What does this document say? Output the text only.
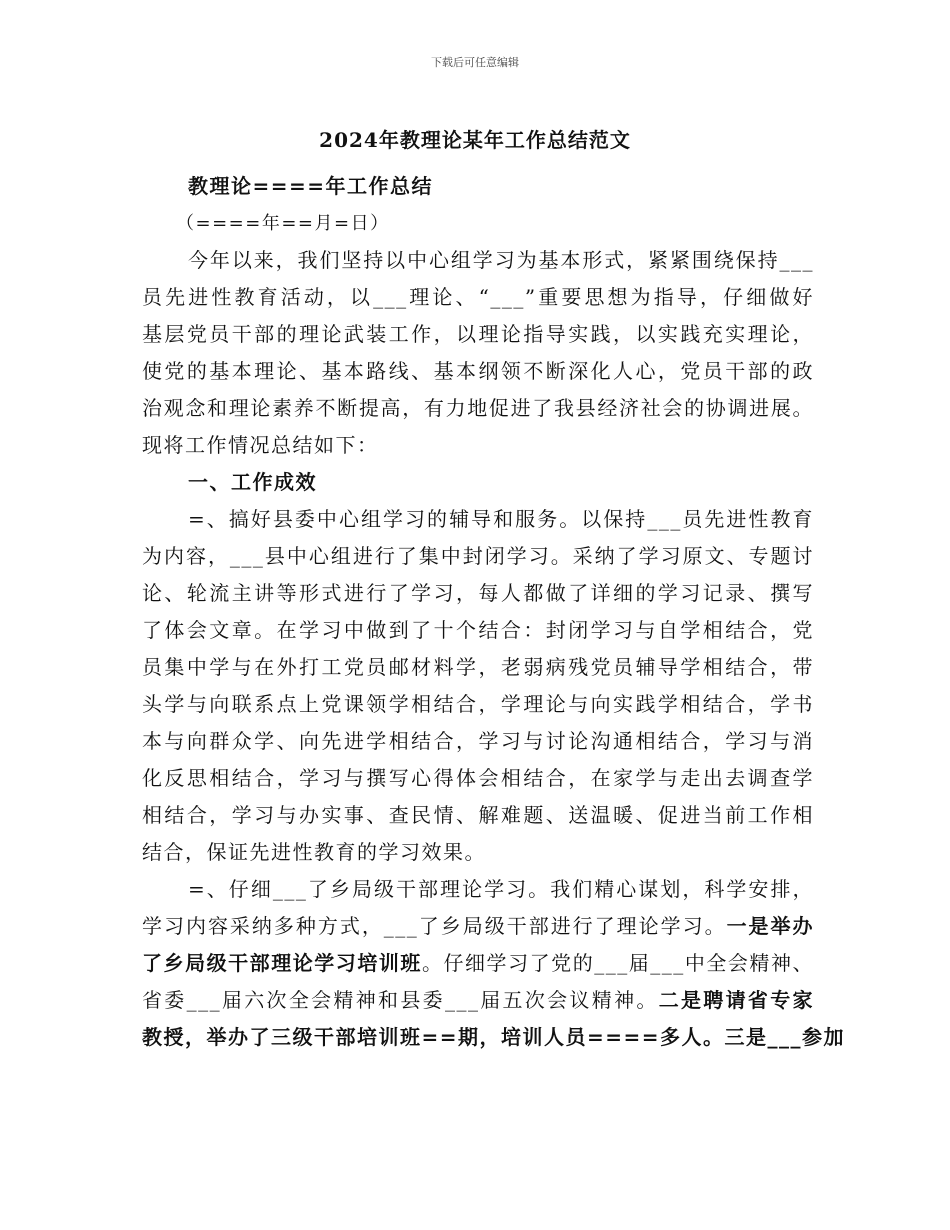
下载后可任意编辑
2024年教理论某年工作总结范文
教理论====年工作总结
（====年==月=日）
今年以来，我们坚持以中心组学习为基本形式，紧紧围绕保持___
员先进性教育活动，以___理论、“___”重要思想为指导，仔细做好
基层党员干部的理论武装工作，以理论指导实践，以实践充实理论，
使党的基本理论、基本路线、基本纲领不断深化人心，党员干部的政
治观念和理论素养不断提高，有力地促进了我县经济社会的协调进展。
现将工作情况总结如下：
一、工作成效
=、搞好县委中心组学习的辅导和服务。以保持___员先进性教育
为内容，___县中心组进行了集中封闭学习。采纳了学习原文、专题讨
论、轮流主讲等形式进行了学习，每人都做了详细的学习记录、撰写
了体会文章。在学习中做到了十个结合：封闭学习与自学相结合，党
员集中学与在外打工党员邮材料学，老弱病残党员辅导学相结合，带
头学与向联系点上党课领学相结合，学理论与向实践学相结合，学书
本与向群众学、向先进学相结合，学习与讨论沟通相结合，学习与消
化反思相结合，学习与撰写心得体会相结合，在家学与走出去调查学
相结合，学习与办实事、查民情、解难题、送温暖、促进当前工作相
结合，保证先进性教育的学习效果。
=、仔细___了乡局级干部理论学习。我们精心谋划，科学安排，
学习内容采纳多种方式，___了乡局级干部进行了理论学习。一是举办
了乡局级干部理论学习培训班。仔细学习了党的___届___中全会精神、
省委___届六次全会精神和县委___届五次会议精神。二是聘请省专家
教授，举办了三级干部培训班==期，培训人员====多人。三是___参加
